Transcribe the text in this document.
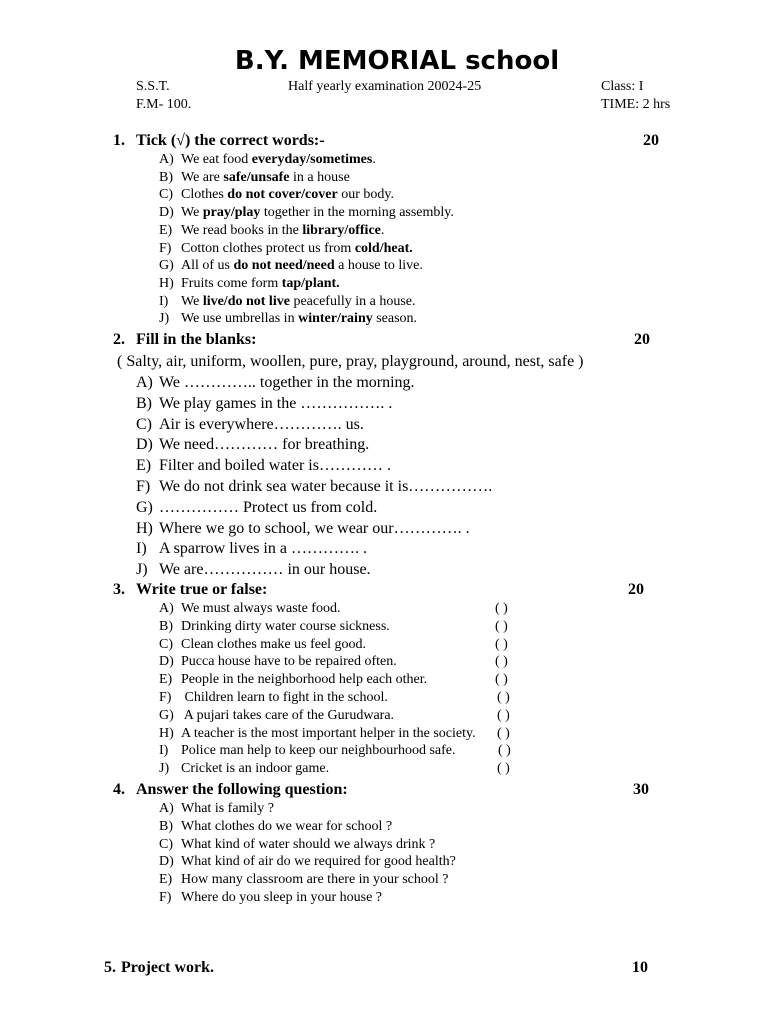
B.Y. MEMORIAL school
S.S.T.	Half yearly examination 20024-25	Class: I
F.M- 100.	TIME: 2 hrs
1. Tick (√) the correct words:-	20
A) We eat food everyday/sometimes.
B) We are safe/unsafe in a house
C) Clothes do not cover/cover our body.
D) We pray/play together in the morning assembly.
E) We read books in the library/office.
F) Cotton clothes protect us from cold/heat.
G) All of us do not need/need a house to live.
H) Fruits come form tap/plant.
I) We live/do not live peacefully in a house.
J) We use umbrellas in winter/rainy season.
2. Fill in the blanks:	20
( Salty, air, uniform, woollen, pure, pray, playground, around, nest, safe )
A) We ………….. together in the morning.
B) We play games in the ……………. .
C) Air is everywhere…………. us.
D) We need………… for breathing.
E) Filter and boiled water is………… .
F) We do not drink sea water because it is…………….
G) …………… Protect us from cold.
H) Where we go to school, we wear our…………. .
I) A sparrow lives in a …………. .
J) We are…………… in our house.
3. Write true or false:	20
A) We must always waste food.	( )
B) Drinking dirty water course sickness.	( )
C) Clean clothes make us feel good.	( )
D) Pucca house have to be repaired often.	( )
E) People in the neighborhood help each other.	( )
F) Children learn to fight in the school.	( )
G) A pujari takes care of the Gurudwara.	( )
H) A teacher is the most important helper in the society. ( )
I) Police man help to keep our neighbourhood safe.	( )
J) Cricket is an indoor game.	( )
4. Answer the following question:	30
A) What is family ?
B) What clothes do we wear for school ?
C) What kind of water should we always drink ?
D) What kind of air do we required for good health?
E) How many classroom are there in your school ?
F) Where do you sleep in your house ?
5. Project work.	10
